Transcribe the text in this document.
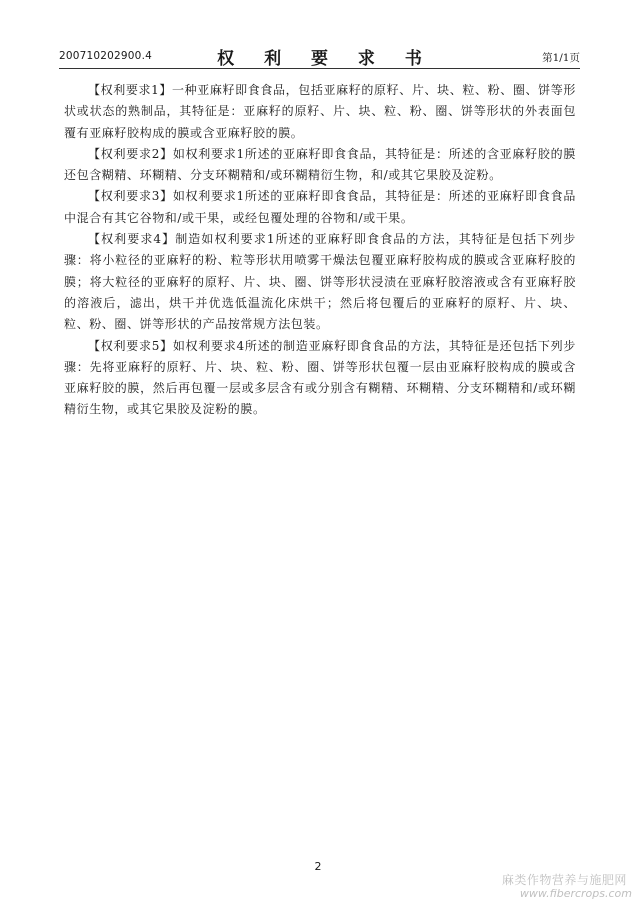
200710202900.4	权 利 要 求 书	第1/1页

【权利要求1】一种亚麻籽即食食品，包括亚麻籽的原籽、片、块、粒、粉、圈、饼等形状或状态的熟制品，其特征是：亚麻籽的原籽、片、块、粒、粉、圈、饼等形状的外表面包覆有亚麻籽胶构成的膜或含亚麻籽胶的膜。

【权利要求2】如权利要求1所述的亚麻籽即食食品，其特征是：所述的含亚麻籽胶的膜还包含糊精、环糊精、分支环糊精和/或环糊精衍生物，和/或其它果胶及淀粉。

【权利要求3】如权利要求1所述的亚麻籽即食食品，其特征是：所述的亚麻籽即食食品中混合有其它谷物和/或干果，或经包覆处理的谷物和/或干果。

【权利要求4】制造如权利要求1所述的亚麻籽即食食品的方法，其特征是包括下列步骤：将小粒径的亚麻籽的粉、粒等形状用喷雾干燥法包覆亚麻籽胶构成的膜或含亚麻籽胶的膜；将大粒径的亚麻籽的原籽、片、块、圈、饼等形状浸渍在亚麻籽胶溶液或含有亚麻籽胶的溶液后，滤出，烘干并优选低温流化床烘干；然后将包覆后的亚麻籽的原籽、片、块、粒、粉、圈、饼等形状的产品按常规方法包装。

【权利要求5】如权利要求4所述的制造亚麻籽即食食品的方法，其特征是还包括下列步骤：先将亚麻籽的原籽、片、块、粒、粉、圈、饼等形状包覆一层由亚麻籽胶构成的膜或含亚麻籽胶的膜，然后再包覆一层或多层含有或分别含有糊精、环糊精、分支环糊精和/或环糊精衍生物，或其它果胶及淀粉的膜。

2
麻类作物营养与施肥网
www.fibercrops.com
